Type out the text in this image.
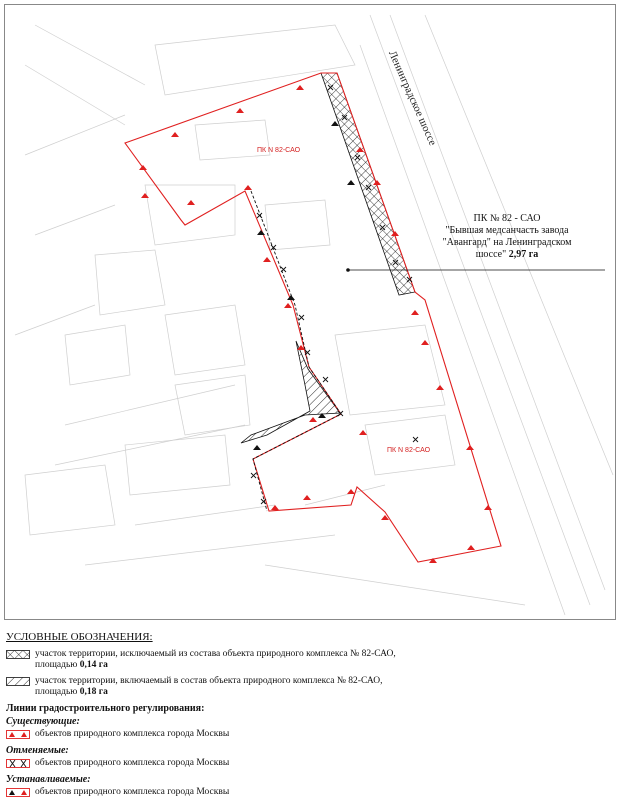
ПК N 82-САО
ПК N 82-САО
Ленинградское шоссе
ПК № 82 - САО
"Бывшая медсанчасть завода
"Авангард" на Ленинградском
шоссе" 2,97 га
УСЛОВНЫЕ ОБОЗНАЧЕНИЯ:
участок территории, исключаемый из состава объекта природного комплекса № 82-САО,
площадью 0,14 га
участок территории, включаемый в состав объекта природного комплекса № 82-САО,
площадью 0,18 га
Линии градостроительного регулирования:
Существующие:
объектов природного комплекса города Москвы
Отменяемые:
объектов природного комплекса города Москвы
Устанавливаемые:
объектов природного комплекса города Москвы
